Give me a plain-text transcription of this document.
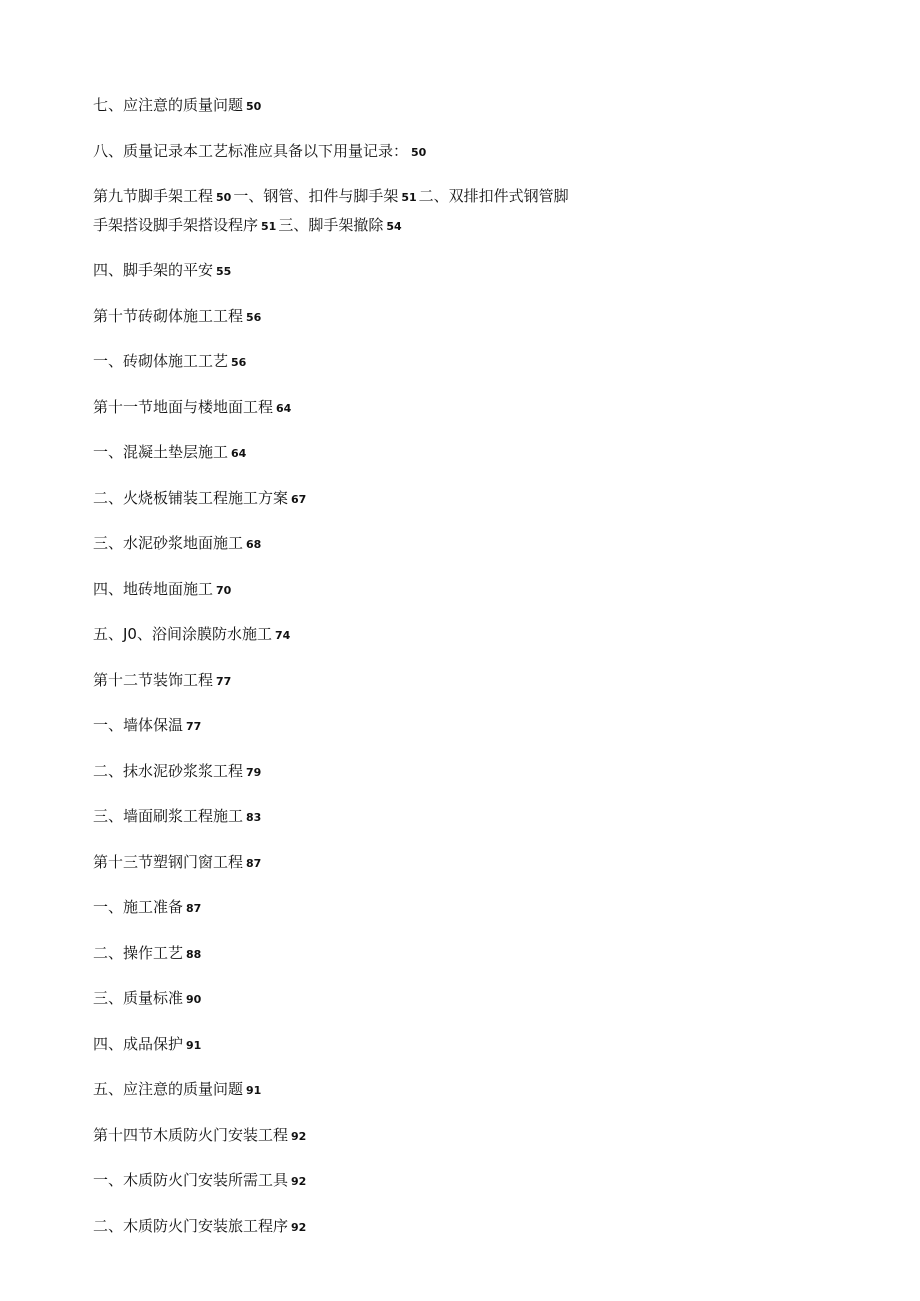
七、应注意的质量问题 50
八、质量记录本工艺标准应具备以下用量记录： 50
第九节脚手架工程 50 一、钢管、扣件与脚手架 51 二、双排扣件式钢管脚手架搭设脚手架搭设程序 51 三、脚手架撤除 54
四、脚手架的平安 55
第十节砖砌体施工工程 56
一、砖砌体施工工艺 56
第十一节地面与楼地面工程 64
一、混凝土垫层施工 64
二、火烧板铺装工程施工方案 67
三、水泥砂浆地面施工 68
四、地砖地面施工 70
五、J0、浴间涂膜防水施工 74
第十二节装饰工程 77
一、墙体保温 77
二、抹水泥砂浆浆工程 79
三、墙面刷浆工程施工 83
第十三节塑钢门窗工程 87
一、施工准备 87
二、操作工艺 88
三、质量标准 90
四、成品保护 91
五、应注意的质量问题 91
第十四节木质防火门安装工程 92
一、木质防火门安装所需工具 92
二、木质防火门安装旅工程序 92
